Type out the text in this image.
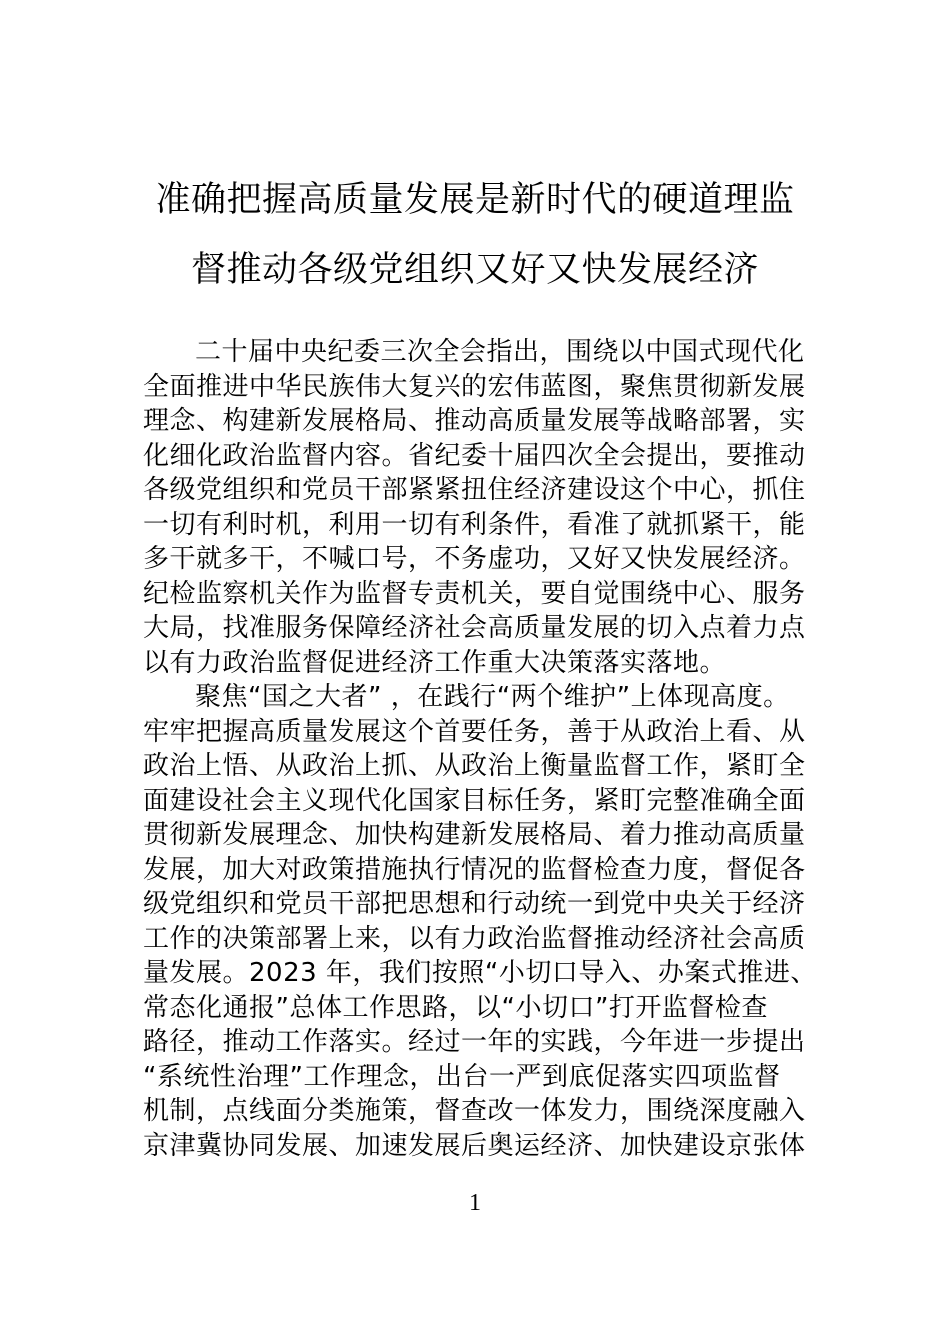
准确把握高质量发展是新时代的硬道理监
督推动各级党组织又好又快发展经济
二十届中央纪委三次全会指出，围绕以中国式现代化
全面推进中华民族伟大复兴的宏伟蓝图，聚焦贯彻新发展
理念、构建新发展格局、推动高质量发展等战略部署，实
化细化政治监督内容。省纪委十届四次全会提出，要推动
各级党组织和党员干部紧紧扭住经济建设这个中心，抓住
一切有利时机，利用一切有利条件，看准了就抓紧干，能
多干就多干，不喊口号，不务虚功，又好又快发展经济。
纪检监察机关作为监督专责机关，要自觉围绕中心、服务
大局，找准服务保障经济社会高质量发展的切入点着力点
以有力政治监督促进经济工作重大决策落实落地。
聚焦“国之大者” ，在践行“两个维护”上体现高度。
牢牢把握高质量发展这个首要任务，善于从政治上看、从
政治上悟、从政治上抓、从政治上衡量监督工作，紧盯全
面建设社会主义现代化国家目标任务，紧盯完整准确全面
贯彻新发展理念、加快构建新发展格局、着力推动高质量
发展，加大对政策措施执行情况的监督检查力度，督促各
级党组织和党员干部把思想和行动统一到党中央关于经济
工作的决策部署上来，以有力政治监督推动经济社会高质
量发展。2023 年，我们按照“小切口导入、办案式推进、
常态化通报”总体工作思路，以“小切口”打开监督检查
路径，推动工作落实。经过一年的实践，今年进一步提出
“系统性治理”工作理念，出台一严到底促落实四项监督
机制，点线面分类施策，督查改一体发力，围绕深度融入
京津冀协同发展、加速发展后奥运经济、加快建设京张体
1
